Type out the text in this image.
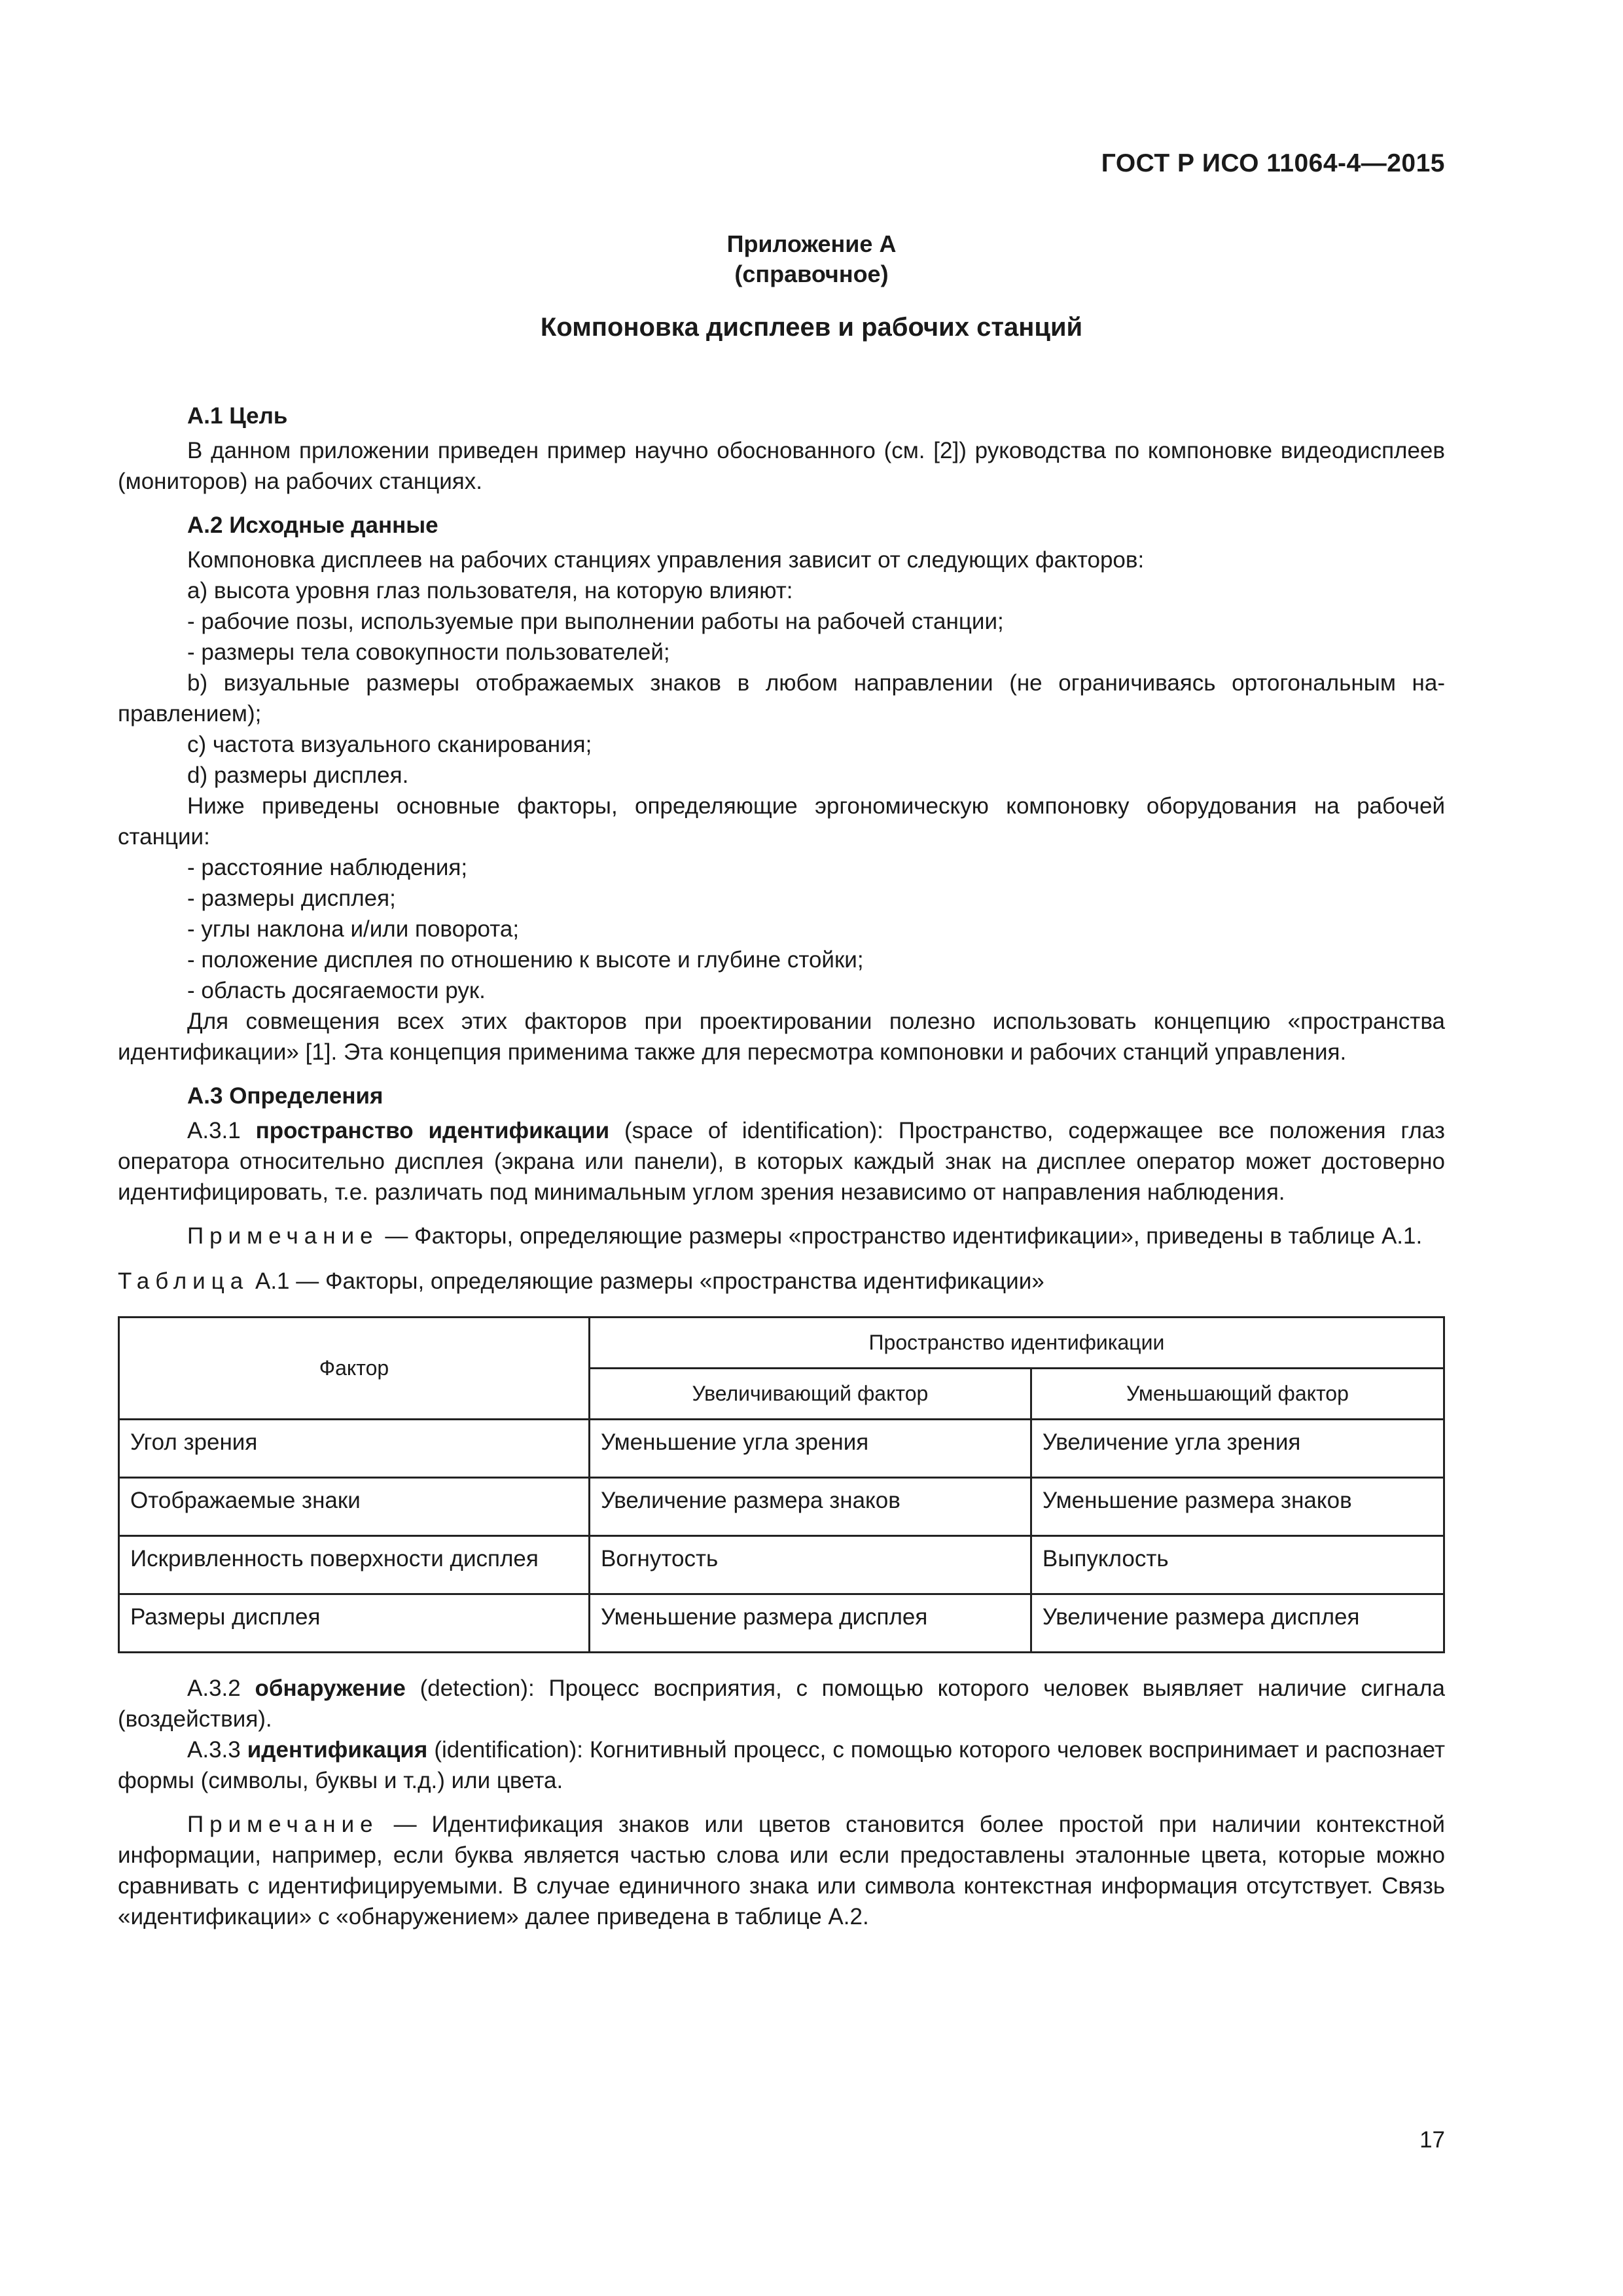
ГОСТ Р ИСО 11064-4—2015
Приложение А
(справочное)
Компоновка дисплеев и рабочих станций

А.1 Цель

В данном приложении приведен пример научно обоснованного (см. [2]) руководства по компоновке видеодисплеев (мониторов) на рабочих станциях.

А.2 Исходные данные

Компоновка дисплеев на рабочих станциях управления зависит от следующих факторов:

a) высота уровня глаз пользователя, на которую влияют:

- рабочие позы, используемые при выполнении работы на рабочей станции;

- размеры тела совокупности пользователей;

b) визуальные размеры отображаемых знаков в любом направлении (не ограничиваясь ортогональным направлением);

c) частота визуального сканирования;

d) размеры дисплея.

Ниже приведены основные факторы, определяющие эргономическую компоновку оборудования на рабочей станции:

- расстояние наблюдения;

- размеры дисплея;

- углы наклона и/или поворота;

- положение дисплея по отношению к высоте и глубине стойки;

- область досягаемости рук.

Для совмещения всех этих факторов при проектировании полезно использовать концепцию «пространства идентификации» [1]. Эта концепция применима также для пересмотра компоновки и рабочих станций управления.

А.3 Определения

А.3.1 пространство идентификации (space of identification): Пространство, содержащее все положения глаз оператора относительно дисплея (экрана или панели), в которых каждый знак на дисплее оператор может достоверно идентифицировать, т.е. различать под минимальным углом зрения независимо от направления наблюдения.

Примечание — Факторы, определяющие размеры «пространство идентификации», приведены в таблице А.1.

Таблица А.1 — Факторы, определяющие размеры «пространства идентификации»

Фактор	Пространство идентификации	
	Увеличивающий фактор	Уменьшающий фактор
Угол зрения	Уменьшение угла зрения	Увеличение угла зрения
Отображаемые знаки	Увеличение размера знаков	Уменьшение размера знаков
Искривленность поверхности дисплея	Вогнутость	Выпуклость
Размеры дисплея	Уменьшение размера дисплея	Увеличение размера дисплея

А.3.2 обнаружение (detection): Процесс восприятия, с помощью которого человек выявляет наличие сигнала (воздействия).

А.3.3 идентификация (identification): Когнитивный процесс, с помощью которого человек воспринимает и распознает формы (символы, буквы и т.д.) или цвета.

Примечание — Идентификация знаков или цветов становится более простой при наличии контекстной информации, например, если буква является частью слова или если предоставлены эталонные цвета, которые можно сравнивать с идентифицируемыми. В случае единичного знака или символа контекстная информация отсутствует. Связь «идентификации» с «обнаружением» далее приведена в таблице А.2.

17
